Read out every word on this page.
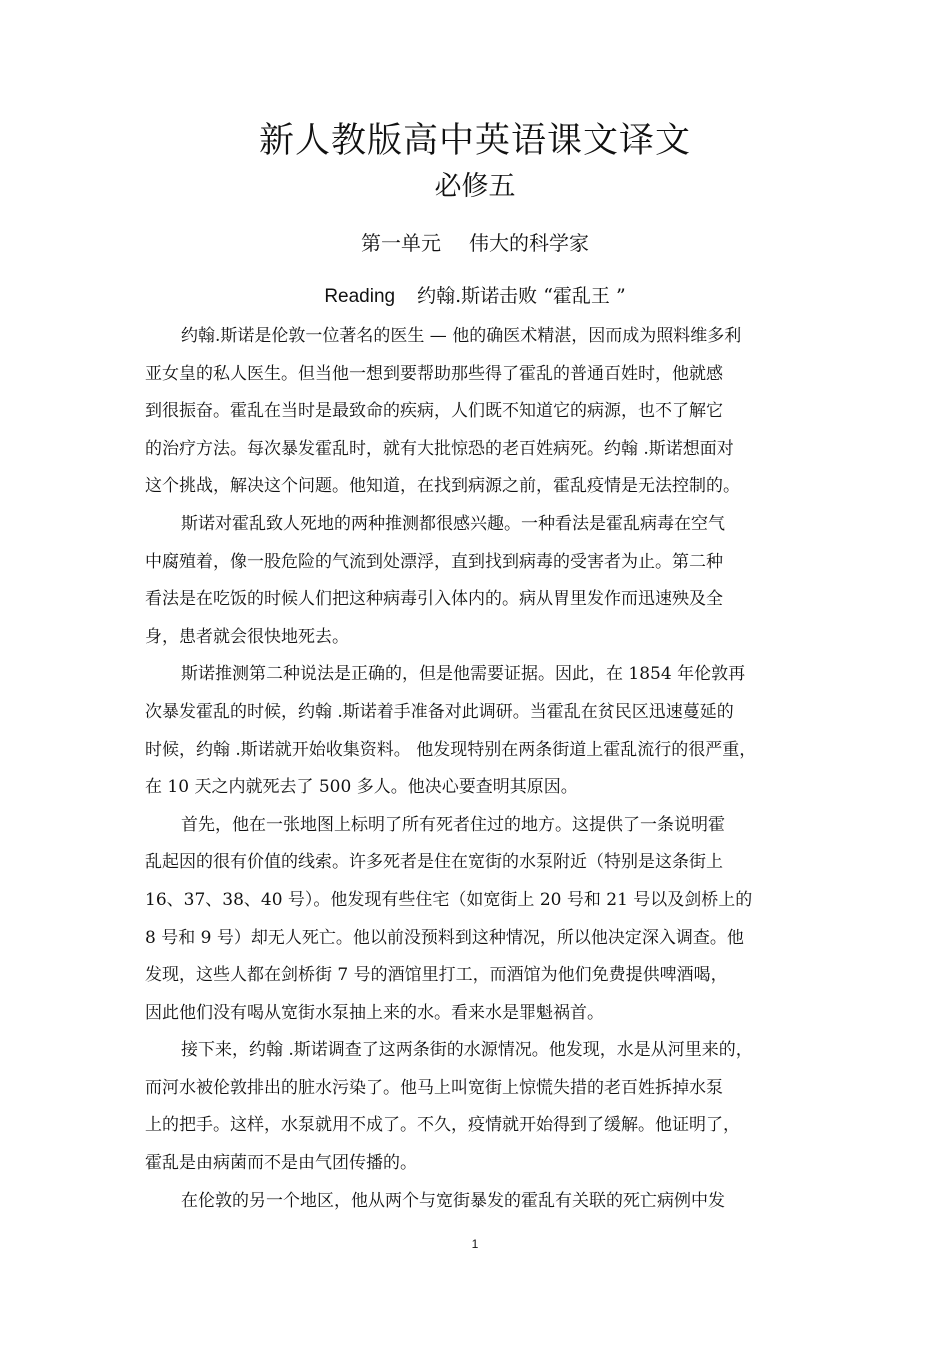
新人教版高中英语课文译文
必修五
第一单元 伟大的科学家
Reading 约翰.斯诺击败 “霍乱王 ”
约翰.斯诺是伦敦一位著名的医生 — 他的确医术精湛，因而成为照料维多利
亚女皇的私人医生。但当他一想到要帮助那些得了霍乱的普通百姓时，他就感
到很振奋。霍乱在当时是最致命的疾病，人们既不知道它的病源，也不了解它
的治疗方法。每次暴发霍乱时，就有大批惊恐的老百姓病死。约翰 .斯诺想面对
这个挑战，解决这个问题。他知道，在找到病源之前，霍乱疫情是无法控制的。
斯诺对霍乱致人死地的两种推测都很感兴趣。一种看法是霍乱病毒在空气
中腐殖着，像一股危险的气流到处漂浮，直到找到病毒的受害者为止。第二种
看法是在吃饭的时候人们把这种病毒引入体内的。病从胃里发作而迅速殃及全
身，患者就会很快地死去。
斯诺推测第二种说法是正确的，但是他需要证据。因此，在 1854 年伦敦再
次暴发霍乱的时候，约翰 .斯诺着手准备对此调研。当霍乱在贫民区迅速蔓延的
时候，约翰 .斯诺就开始收集资料。 他发现特别在两条街道上霍乱流行的很严重，
在 10 天之内就死去了 500 多人。他决心要查明其原因。
首先，他在一张地图上标明了所有死者住过的地方。这提供了一条说明霍
乱起因的很有价值的线索。许多死者是住在宽街的水泵附近（特别是这条街上
16、37、38、40 号）。他发现有些住宅（如宽街上 20 号和 21 号以及剑桥上的
8 号和 9 号）却无人死亡。他以前没预料到这种情况，所以他决定深入调查。他
发现，这些人都在剑桥街 7 号的酒馆里打工，而酒馆为他们免费提供啤酒喝，
因此他们没有喝从宽街水泵抽上来的水。看来水是罪魁祸首。
接下来，约翰 .斯诺调查了这两条街的水源情况。他发现，水是从河里来的，
而河水被伦敦排出的脏水污染了。他马上叫宽街上惊慌失措的老百姓拆掉水泵
上的把手。这样，水泵就用不成了。不久，疫情就开始得到了缓解。他证明了，
霍乱是由病菌而不是由气团传播的。
在伦敦的另一个地区，他从两个与宽街暴发的霍乱有关联的死亡病例中发
1
